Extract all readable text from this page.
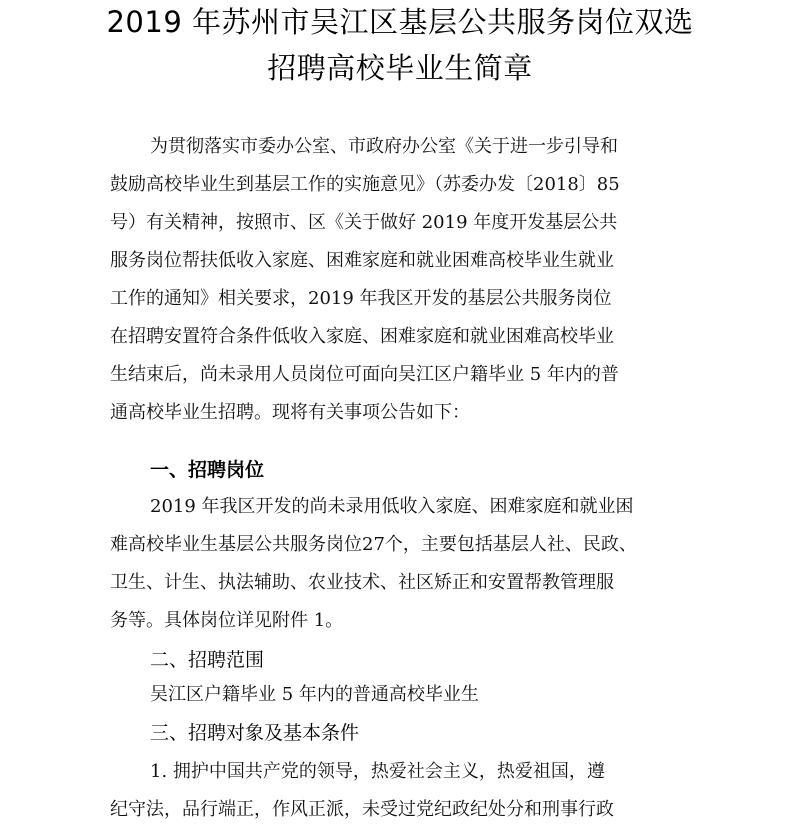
2019 年苏州市吴江区基层公共服务岗位双选
招聘高校毕业生简章
为贯彻落实市委办公室、市政府办公室《关于进一步引导和
鼓励高校毕业生到基层工作的实施意见》（苏委办发〔2018〕85
号）有关精神，按照市、区《关于做好 2019 年度开发基层公共
服务岗位帮扶低收入家庭、困难家庭和就业困难高校毕业生就业
工作的通知》相关要求，2019 年我区开发的基层公共服务岗位
在招聘安置符合条件低收入家庭、困难家庭和就业困难高校毕业
生结束后，尚未录用人员岗位可面向吴江区户籍毕业 5 年内的普
通高校毕业生招聘。现将有关事项公告如下：
一、招聘岗位
2019 年我区开发的尚未录用低收入家庭、困难家庭和就业困
难高校毕业生基层公共服务岗位27个，主要包括基层人社、民政、
卫生、计生、执法辅助、农业技术、社区矫正和安置帮教管理服
务等。具体岗位详见附件 1。
二、招聘范围
吴江区户籍毕业 5 年内的普通高校毕业生
三、招聘对象及基本条件
1. 拥护中国共产党的领导，热爱社会主义，热爱祖国，遵
纪守法，品行端正，作风正派，未受过党纪政纪处分和刑事行政
